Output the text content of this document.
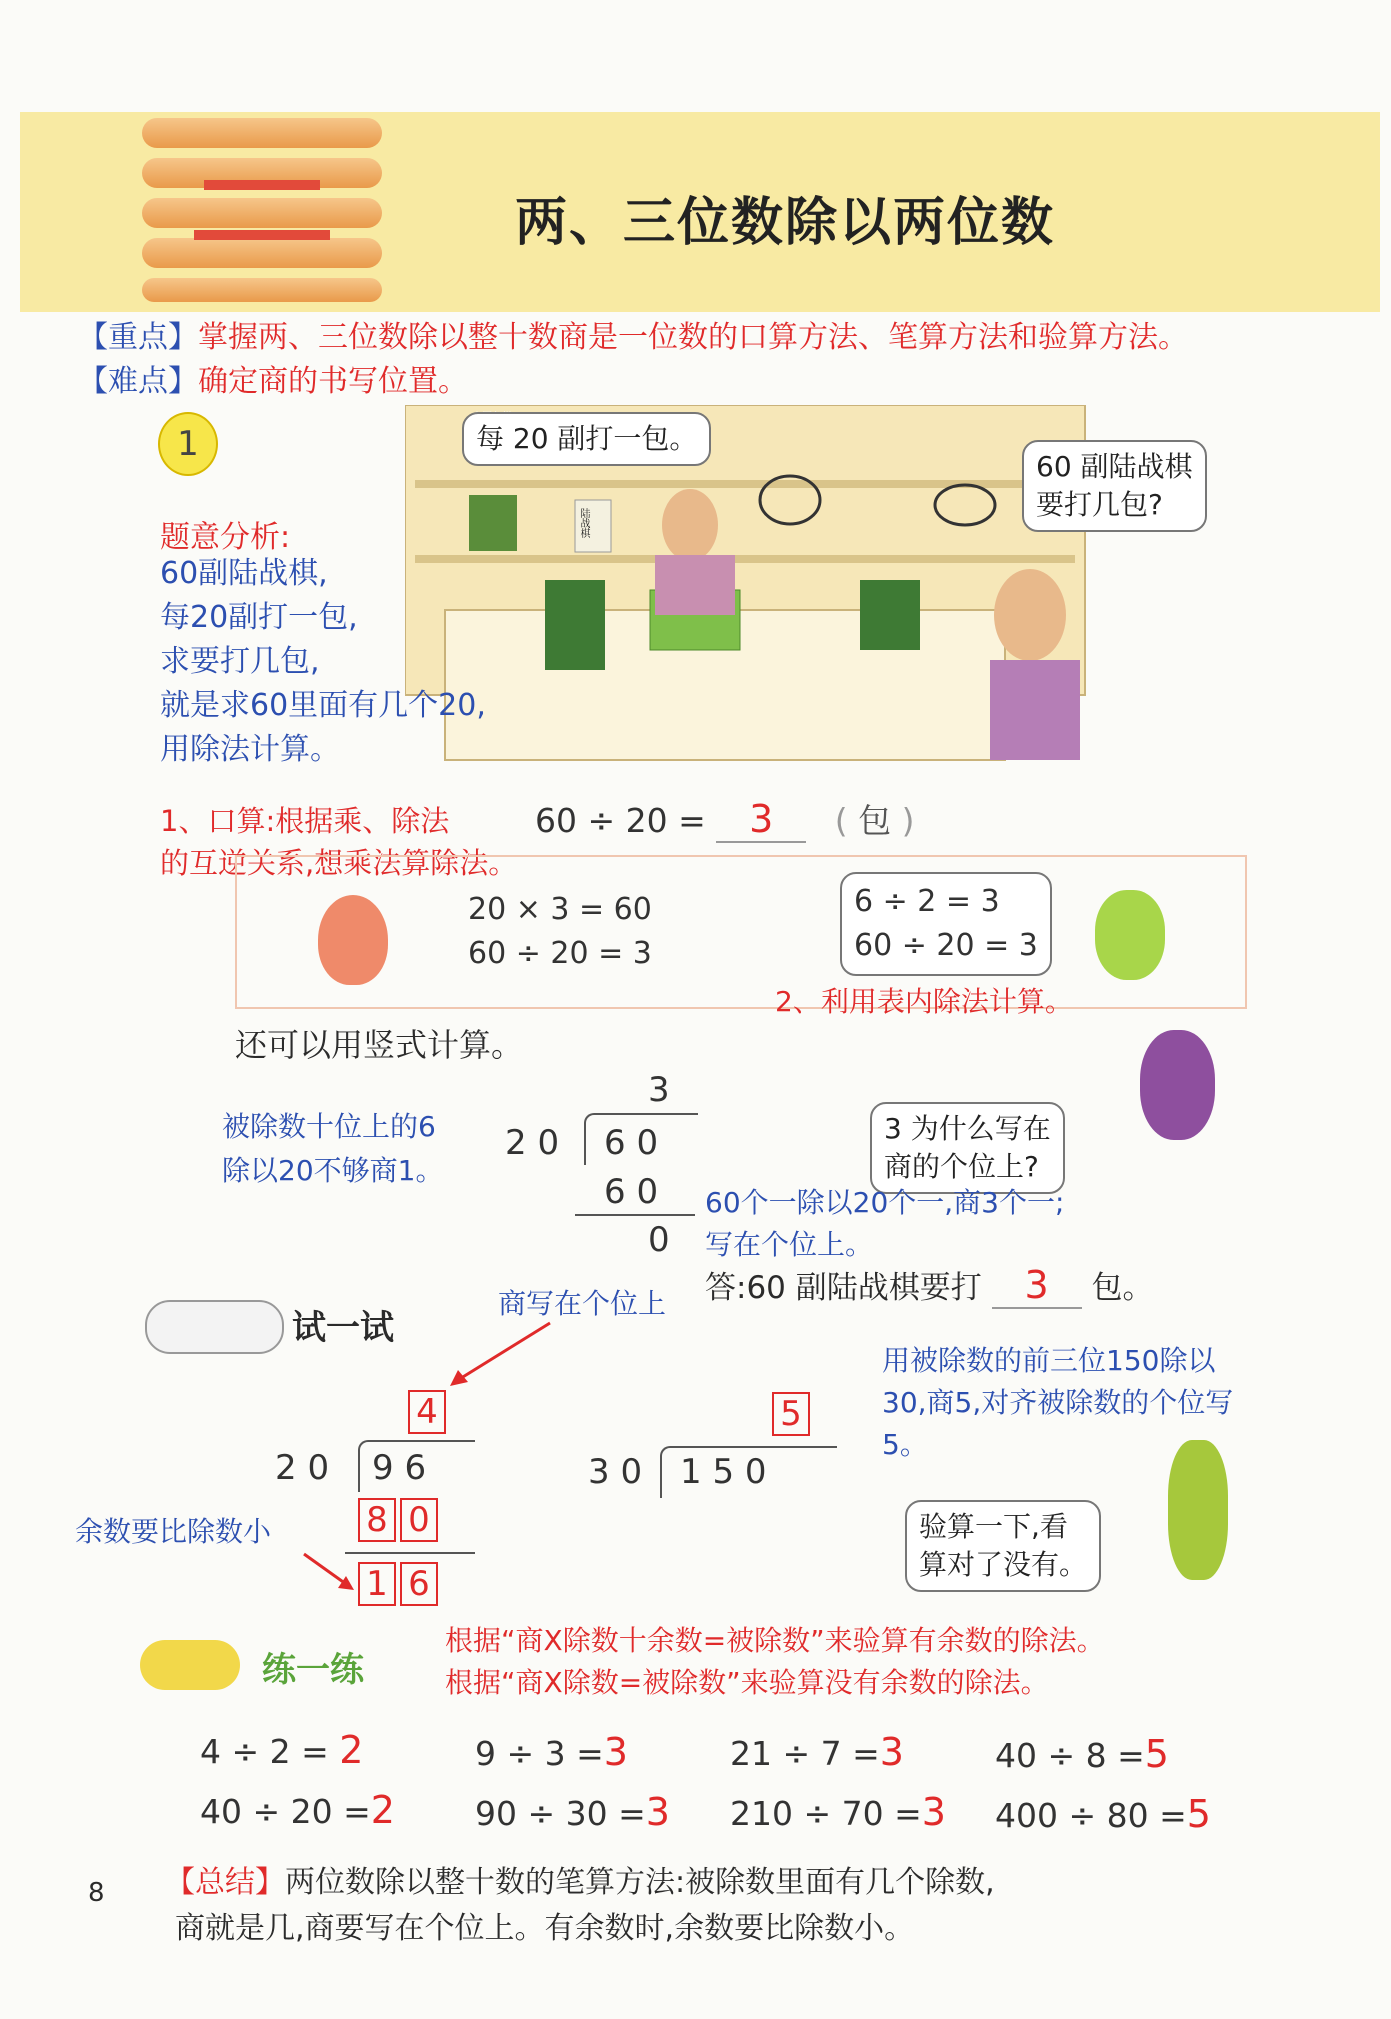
两、三位数除以两位数
【重点】掌握两、三位数除以整十数商是一位数的口算方法、笔算方法和验算方法。
【难点】确定商的书写位置。
1
陆战棋
每 20 副打一包。
60 副陆战棋
要打几包?
题意分析:
60副陆战棋,
每20副打一包,
求要打几包,
就是求60里面有几个20,
用除法计算。
1、口算:根据乘、除法
的互逆关系,想乘法算除法。
60 ÷ 20 = 3 ( 包 )
20 × 3 = 60
60 ÷ 20 = 3
6 ÷ 2 = 3
60 ÷ 20 = 3
2、利用表内除法计算。
还可以用竖式计算。
3
2 0 6 0
6 0
0
被除数十位上的6
除以20不够商1。
3 为什么写在
商的个位上?
60个一除以20个一,商3个一;
写在个位上。
答:60 副陆战棋要打 3 包。
试一试
商写在个位上
4
2 0 9 6
8 0
1 6
余数要比除数小
5
3 0 1 5 0
用被除数的前三位150除以30,商5,对齐被除数的个位写5。
验算一下,看
算对了没有。
练一练
根据“商X除数十余数=被除数”来验算有余数的除法。
根据“商X除数=被除数”来验算没有余数的除法。
4 ÷ 2 = 2	9 ÷ 3 =3	21 ÷ 7 =3	40 ÷ 8 =5
40 ÷ 20 =2 90 ÷ 30 =3 210 ÷ 70 =3 400 ÷ 80 =5
【总结】两位数除以整十数的笔算方法:被除数里面有几个除数,
商就是几,商要写在个位上。有余数时,余数要比除数小。
8
